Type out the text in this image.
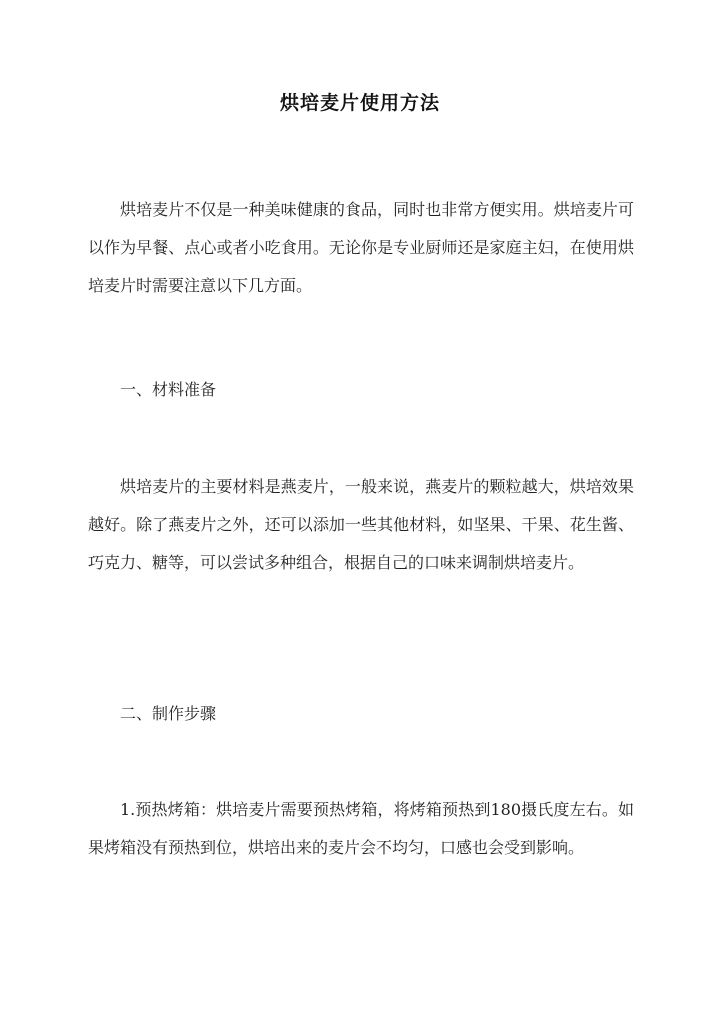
烘培麦片使用方法

烘培麦片不仅是一种美味健康的食品，同时也非常方便实用。烘培麦片可以作为早餐、点心或者小吃食用。无论你是专业厨师还是家庭主妇，在使用烘培麦片时需要注意以下几方面。

一、材料准备

烘培麦片的主要材料是燕麦片，一般来说，燕麦片的颗粒越大，烘培效果越好。除了燕麦片之外，还可以添加一些其他材料，如坚果、干果、花生酱、巧克力、糖等，可以尝试多种组合，根据自己的口味来调制烘培麦片。

二、制作步骤

1.预热烤箱：烘培麦片需要预热烤箱，将烤箱预热到180摄氏度左右。如果烤箱没有预热到位，烘培出来的麦片会不均匀，口感也会受到影响。
